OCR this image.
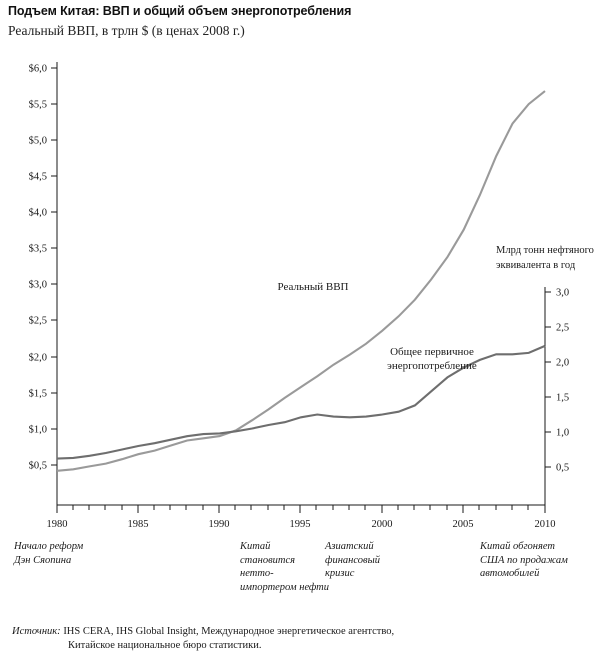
Подъем Китая: ВВП и общий объем энергопотребления
Реальный ВВП, в трлн $ (в ценах 2008 г.)
$6,0
$5,5
$5,0
$4,5
$4,0
$3,5
$3,0
$2,5
$2,0
$1,5
$1,0
$0,5
3,0
2,5
2,0
1,5
1,0
0,5
1980	1985	1990	1995	2000	2005	2010
Реальный ВВП
Общее первичное
энергопотребление
Млрд тонн нефтяного
эквивалента в год
Начало реформ
Дэн Сяопина
Китай
становится
нетто-
импортером нефти
Азиатский
финансовый
кризис
Китай обгоняет
США по продажам
автомобилей
Источник: IHS CERA, IHS Global Insight, Международное энергетическое агентство,
Китайское национальное бюро статистики.
